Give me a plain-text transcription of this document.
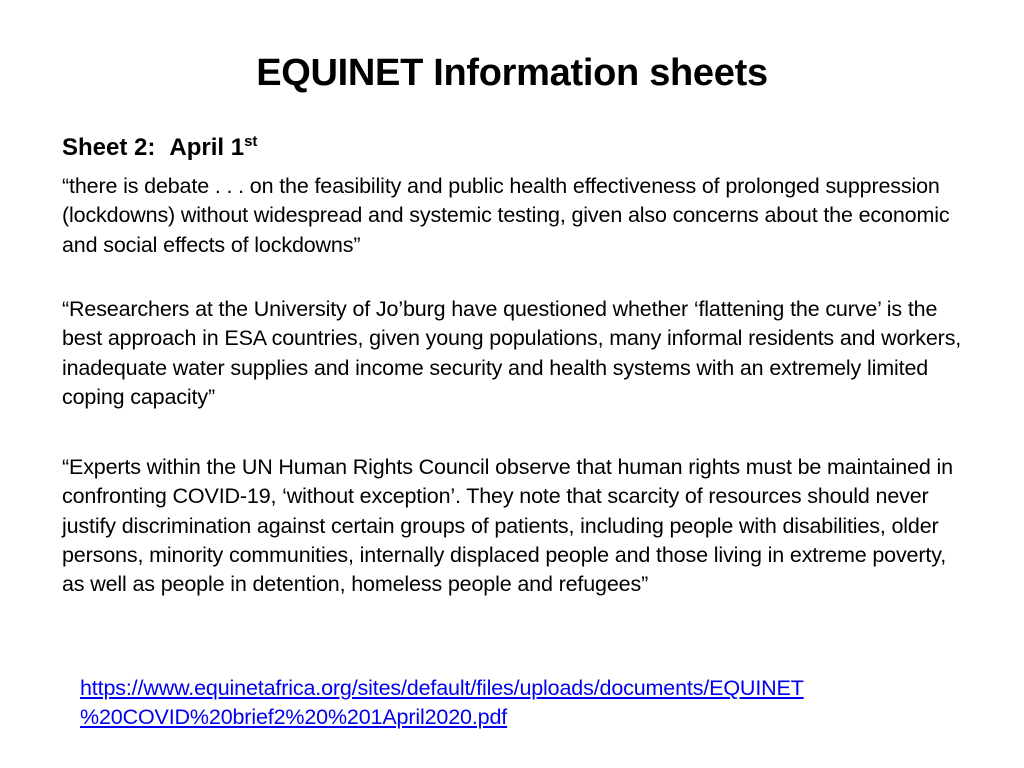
EQUINET Information sheets
Sheet 2: April 1st

“there is debate . . . on the feasibility and public health effectiveness of prolonged suppression (lockdowns) without widespread and systemic testing, given also concerns about the economic and social effects of lockdowns”

“Researchers at the University of Jo’burg have questioned whether ‘flattening the curve’ is the best approach in ESA countries, given young populations, many informal residents and workers, inadequate water supplies and income security and health systems with an extremely limited coping capacity”

“Experts within the UN Human Rights Council observe that human rights must be maintained in confronting COVID-19, ‘without exception’. They note that scarcity of resources should never justify discrimination against certain groups of patients, including people with disabilities, older persons, minority communities, internally displaced people and those living in extreme poverty, as well as people in detention, homeless people and refugees”

https://www.equinetafrica.org/sites/default/files/uploads/documents/EQUINET
%20COVID%20brief2%20%201April2020.pdf
